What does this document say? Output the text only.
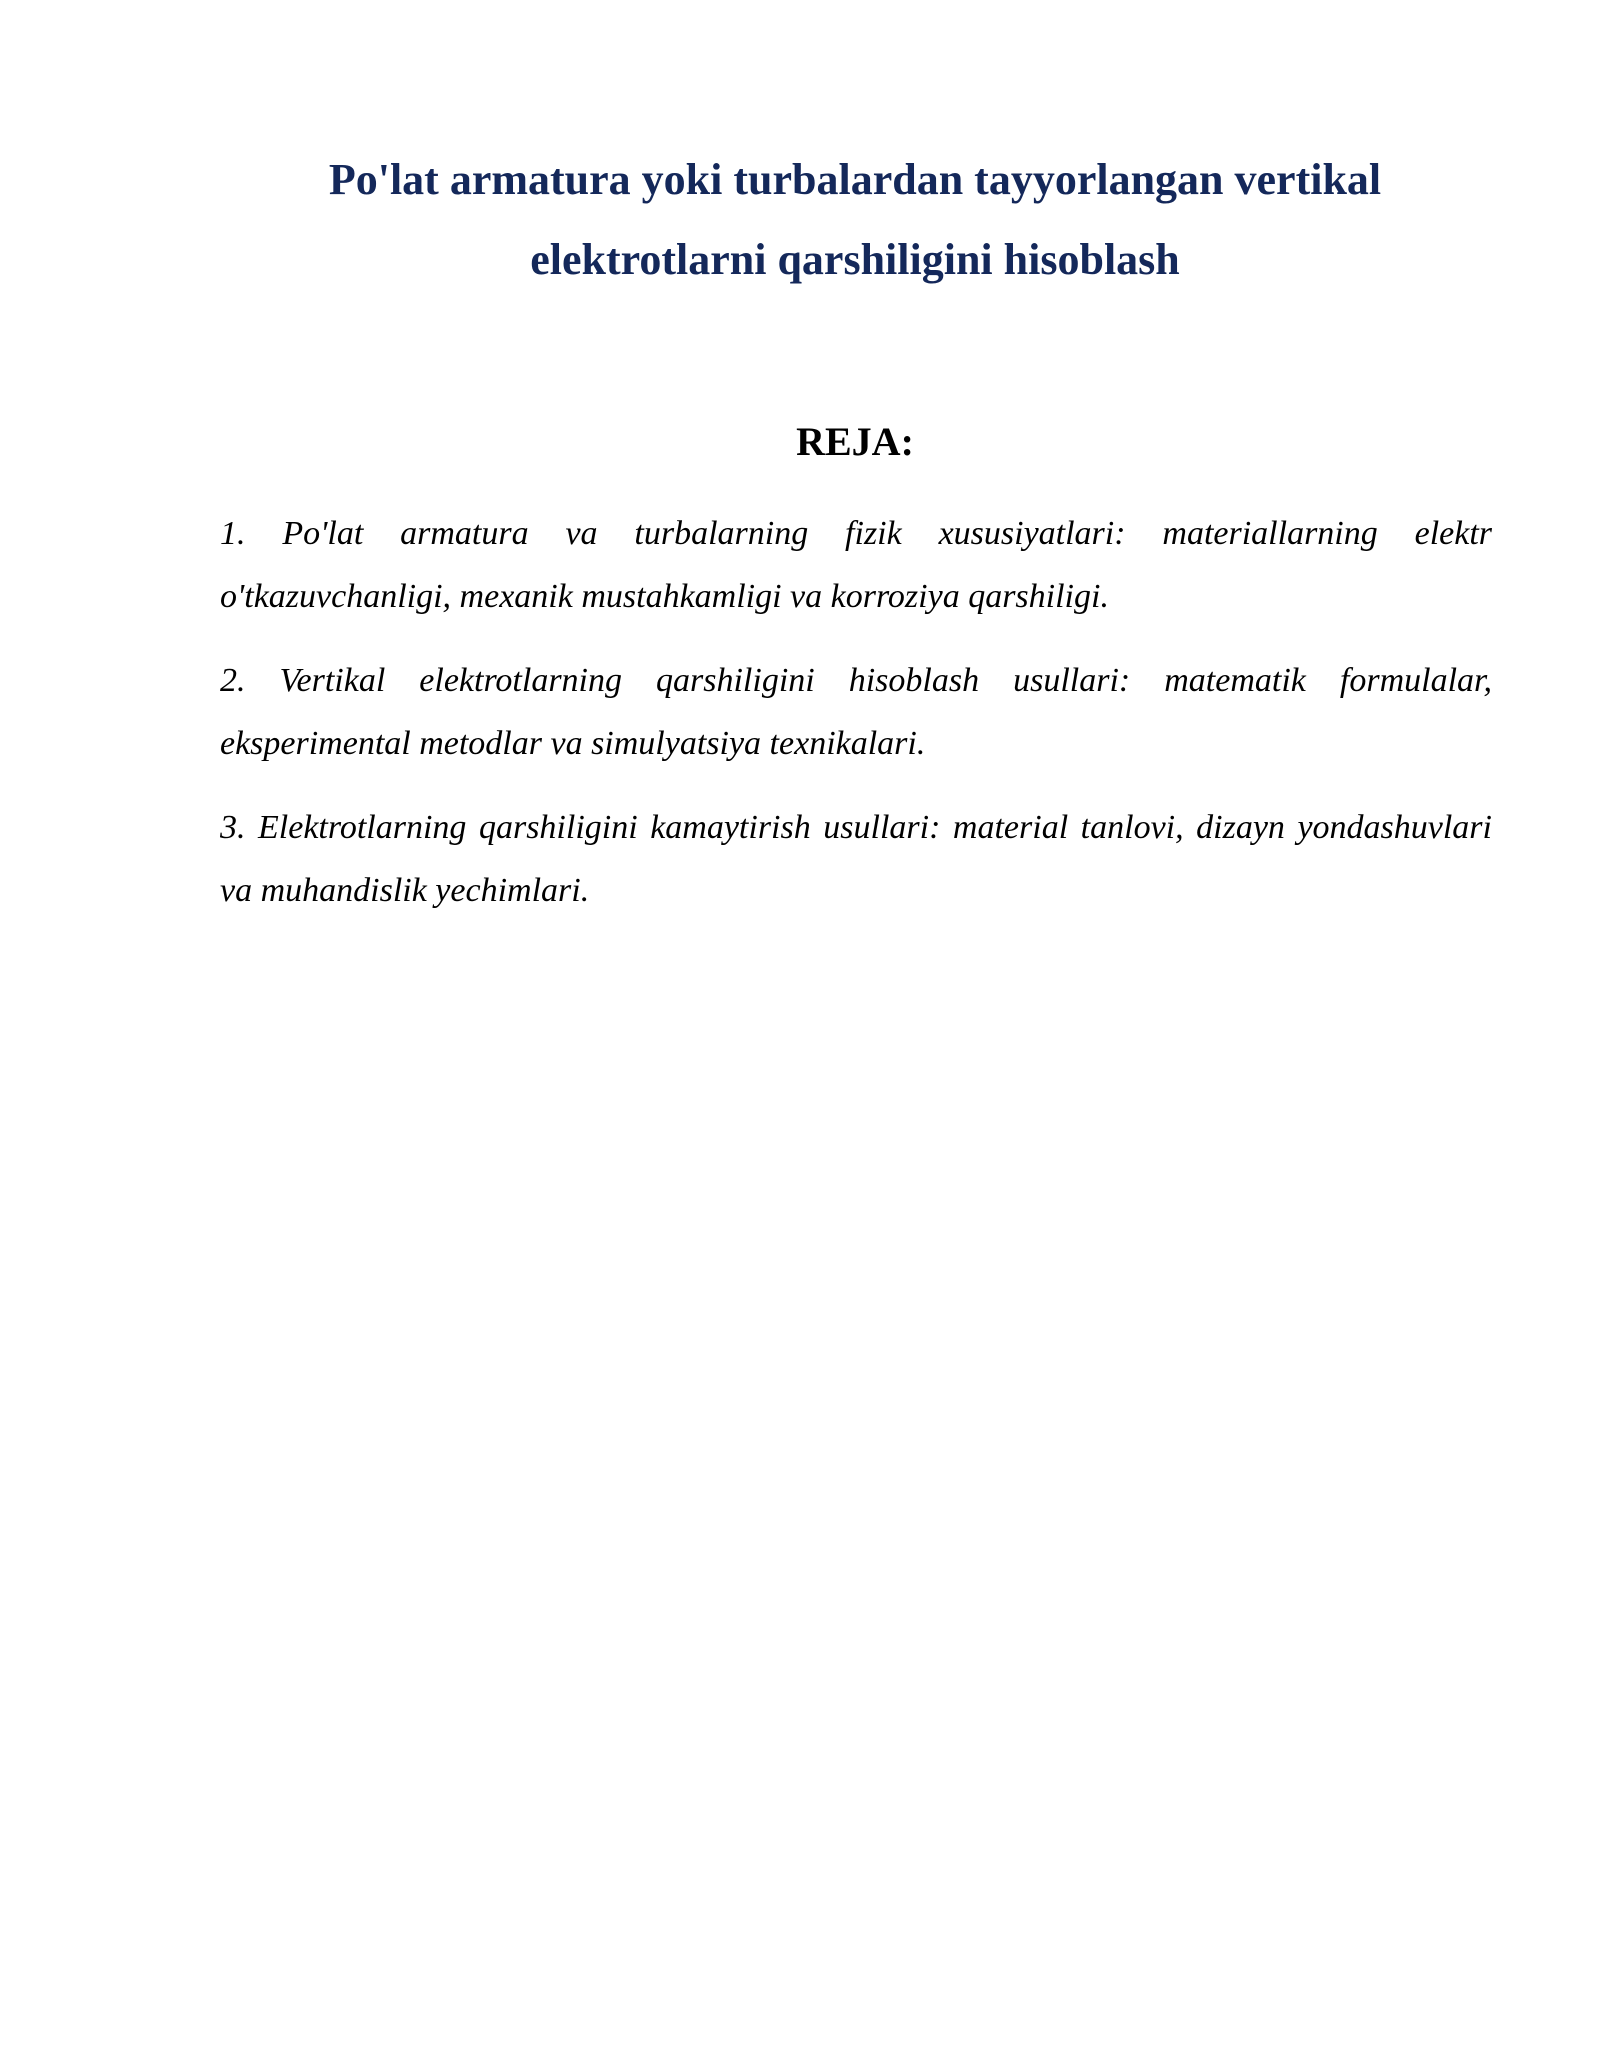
Po'lat armatura yoki turbalardan tayyorlangan vertikal elektrotlarni qarshiligini hisoblash
REJA:
1. Po'lat armatura va turbalarning fizik xususiyatlari: materiallarning elektr o'tkazuvchanligi, mexanik mustahkamligi va korroziya qarshiligi.
2. Vertikal elektrotlarning qarshiligini hisoblash usullari: matematik formulalar, eksperimental metodlar va simulyatsiya texnikalari.
3. Elektrotlarning qarshiligini kamaytirish usullari: material tanlovi, dizayn yondashuvlari va muhandislik yechimlari.
